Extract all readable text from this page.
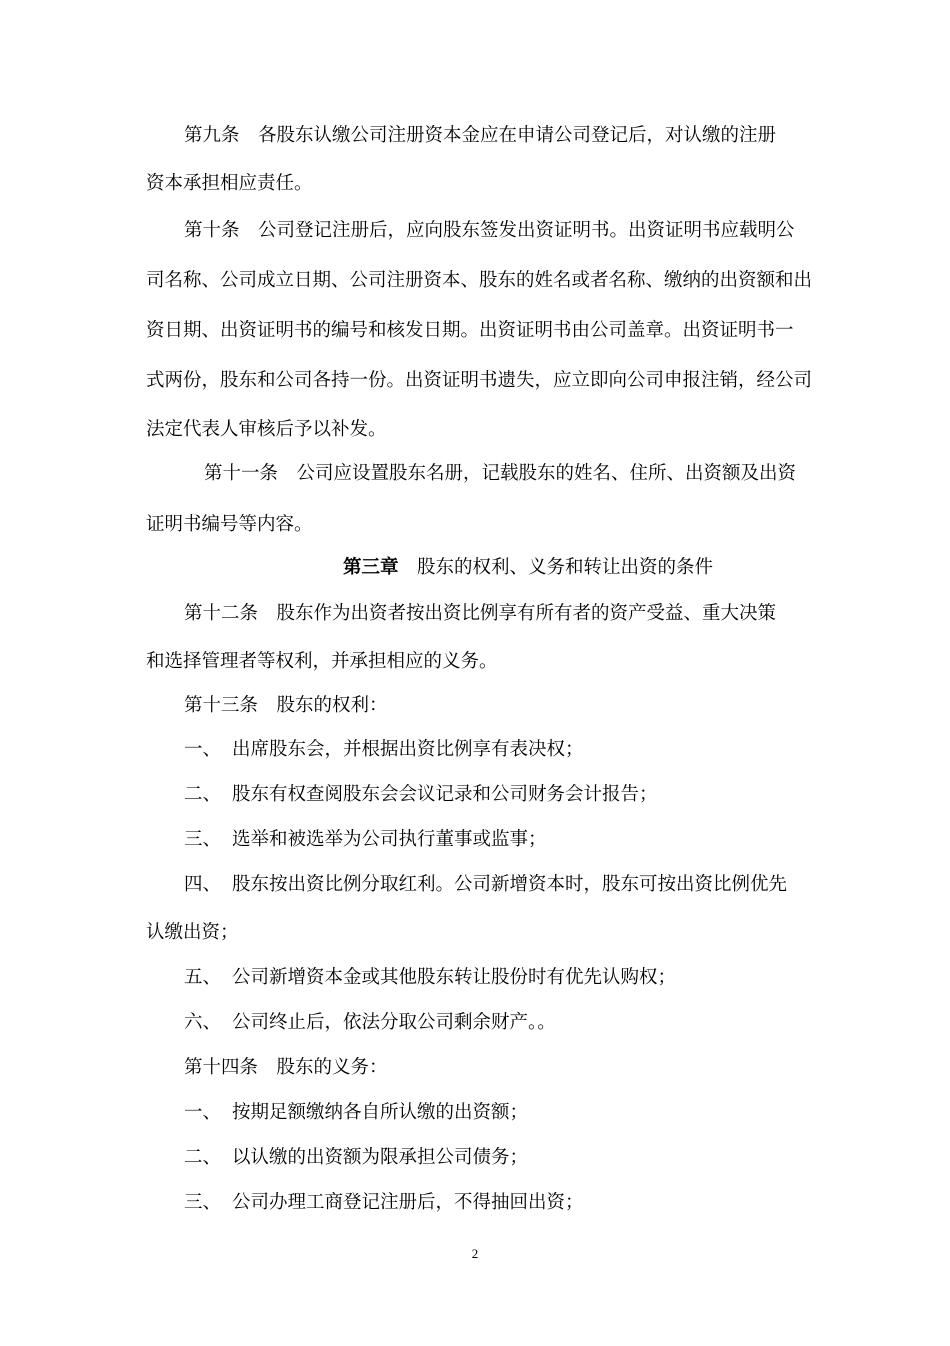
第九条　各股东认缴公司注册资本金应在申请公司登记后，对认缴的注册
资本承担相应责任。
第十条　公司登记注册后，应向股东签发出资证明书。出资证明书应载明公
司名称、公司成立日期、公司注册资本、股东的姓名或者名称、缴纳的出资额和出
资日期、出资证明书的编号和核发日期。出资证明书由公司盖章。出资证明书一
式两份，股东和公司各持一份。出资证明书遗失，应立即向公司申报注销，经公司
法定代表人审核后予以补发。
第十一条　公司应设置股东名册，记载股东的姓名、住所、出资额及出资
证明书编号等内容。
第三章　 股东的权利、义务和转让出资的条件
第十二条　股东作为出资者按出资比例享有所有者的资产受益、重大决策
和选择管理者等权利，并承担相应的义务。
第十三条　股东的权利：
一、 出席股东会，并根据出资比例享有表决权；
二、 股东有权查阅股东会会议记录和公司财务会计报告；
三、 选举和被选举为公司执行董事或监事；
四、 股东按出资比例分取红利。公司新增资本时，股东可按出资比例优先
认缴出资；
五、 公司新增资本金或其他股东转让股份时有优先认购权；
六、 公司终止后，依法分取公司剩余财产。。
第十四条　股东的义务：
一、 按期足额缴纳各自所认缴的出资额；
二、 以认缴的出资额为限承担公司债务；
三、 公司办理工商登记注册后，不得抽回出资；
2
